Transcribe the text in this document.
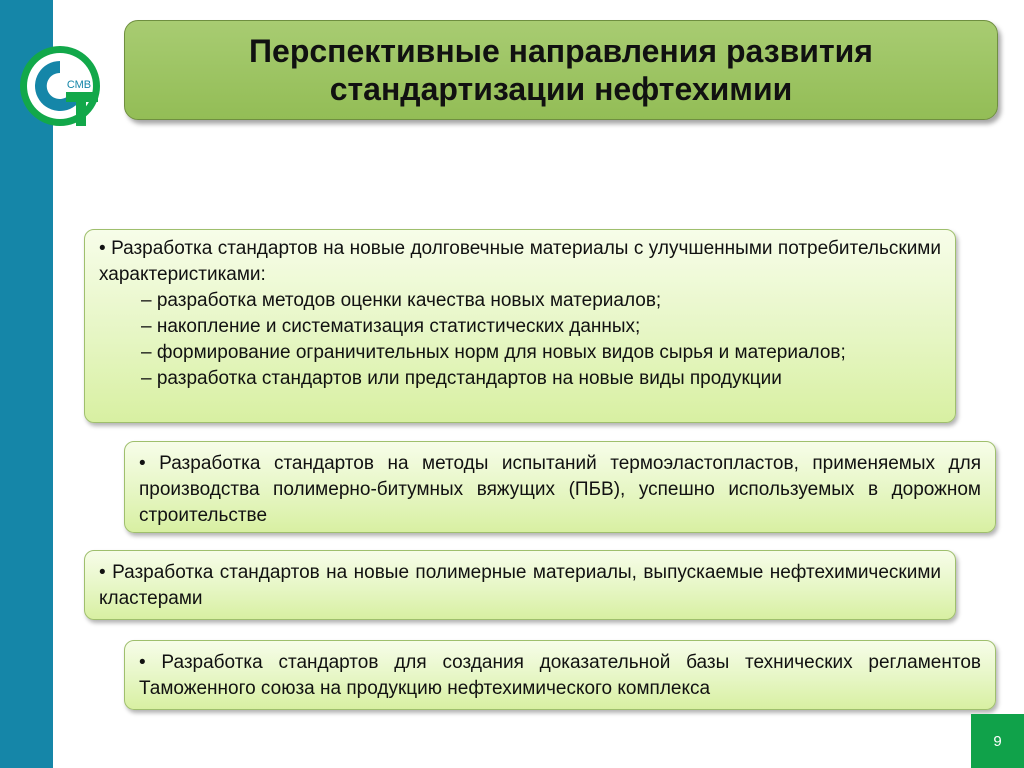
СМВ
Перспективные направления развития
стандартизации нефтехимии

• Разработка стандартов на новые долговечные материалы с улучшенными потребительскими характеристиками:

– разработка методов оценки качества новых материалов;

– накопление и систематизация статистических данных;

– формирование ограничительных норм для новых видов сырья и материалов;

– разработка стандартов или предстандартов на новые виды продукции

• Разработка стандартов на методы испытаний термоэластопластов, применяемых для производства полимерно-битумных вяжущих (ПБВ), успешно используемых в дорожном строительстве

• Разработка стандартов на новые полимерные материалы, выпускаемые нефтехимическими кластерами

• Разработка стандартов для создания доказательной базы технических регламентов Таможенного союза на продукцию нефтехимического комплекса

9
